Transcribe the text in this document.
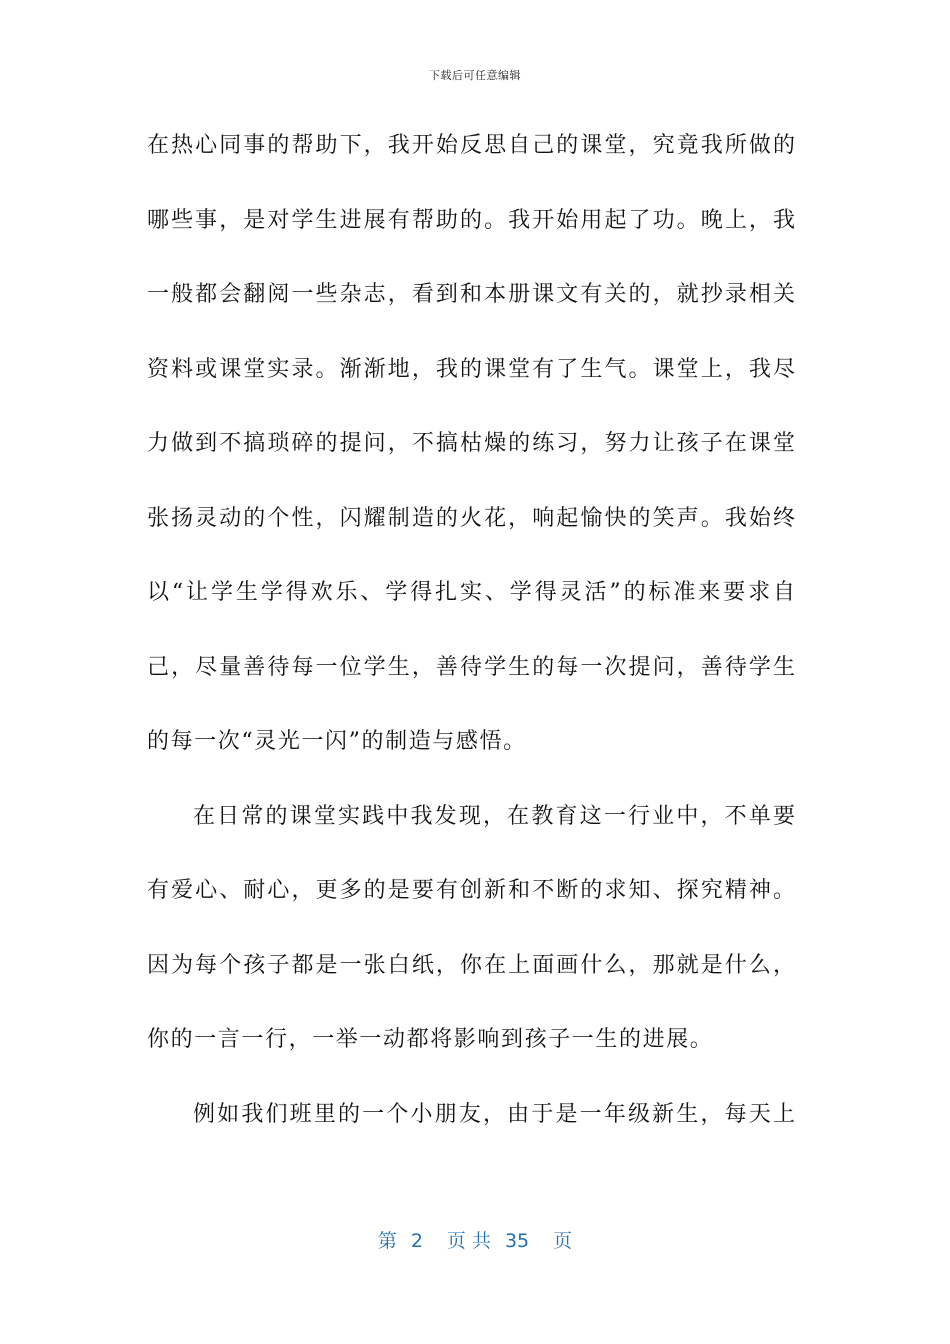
下载后可任意编辑
在热心同事的帮助下，我开始反思自己的课堂，究竟我所做的
哪些事，是对学生进展有帮助的。我开始用起了功。晚上，我
一般都会翻阅一些杂志，看到和本册课文有关的，就抄录相关
资料或课堂实录。渐渐地，我的课堂有了生气。课堂上，我尽
力做到不搞琐碎的提问，不搞枯燥的练习，努力让孩子在课堂
张扬灵动的个性，闪耀制造的火花，响起愉快的笑声。我始终
以“让学生学得欢乐、学得扎实、学得灵活”的标准来要求自
己，尽量善待每一位学生，善待学生的每一次提问，善待学生
的每一次“灵光一闪”的制造与感悟。
在日常的课堂实践中我发现，在教育这一行业中，不单要
有爱心、耐心，更多的是要有创新和不断的求知、探究精神。
因为每个孩子都是一张白纸，你在上面画什么，那就是什么，
你的一言一行，一举一动都将影响到孩子一生的进展。
例如我们班里的一个小朋友，由于是一年级新生，每天上
第 2 页 共 35 页
